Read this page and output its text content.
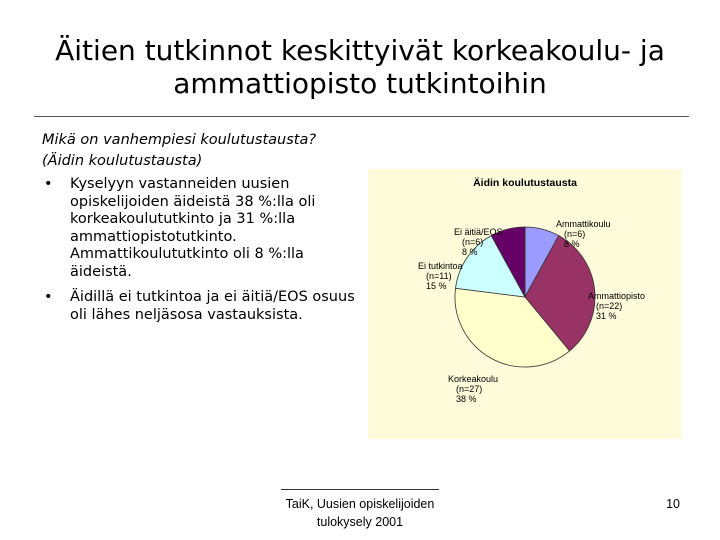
Äitien tutkinnot keskittyivät korkeakoulu- ja ammattiopisto tutkintoihin
Mikä on vanhempiesi koulutustausta?
(Äidin koulutustausta)
• Kyselyyn vastanneiden uusien opiskelijoiden äideistä 38 %:lla oli korkeakoulututkinto ja 31 %:lla ammattiopistotutkinto. Ammattikoulututkinto oli 8 %:lla äideistä.
• Äidillä ei tutkintoa ja ei äitiä/EOS osuus oli lähes neljäsosa vastauksista.
Äidin koulutustausta
Ammattikoulu (n=6) 8 %
Ammattiopisto (n=22) 31 %
Korkeakoulu (n=27) 38 %
Ei tutkintoa (n=11) 15 %
Ei äitiä/EOS (n=6) 8 %
TaiK, Uusien opiskelijoiden tulokysely 2001
10
